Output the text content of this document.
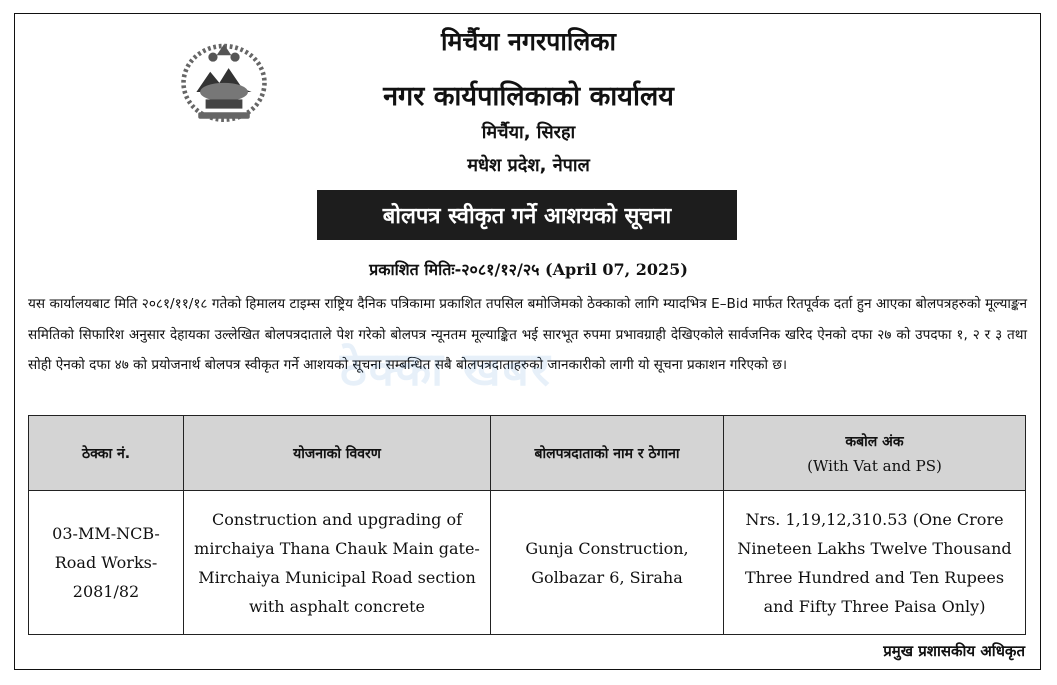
मिर्चैया नगरपालिका
नगर कार्यपालिकाको कार्यालय
मिर्चैया, सिरहा
मधेश प्रदेश, नेपाल
बोलपत्र स्वीकृत गर्ने आशयको सूचना
प्रकाशित मितिः-२०८१/१२/२५ (April 07, 2025)
यस कार्यालयबाट मिति २०८१/११/१८ गतेको हिमालय टाइम्स राष्ट्रिय दैनिक पत्रिकामा प्रकाशित तपसिल बमोजिमको ठेक्काको लागि म्यादभित्र E–Bid मार्फत रितपूर्वक दर्ता हुन आएका बोलपत्रहरुको मूल्याङ्कन समितिको सिफारिश अनुसार देहायका उल्लेखित बोलपत्रदाताले पेश गरेको बोलपत्र न्यूनतम मूल्याङ्कित भई सारभूत रुपमा प्रभावग्राही देखिएकोले सार्वजनिक खरिद ऐनको दफा २७ को उपदफा १, २ र ३ तथा सोही ऐनको दफा ४७ को प्रयोजनार्थ बोलपत्र स्वीकृत गर्ने आशयको सूचना सम्बन्धित सबै बोलपत्रदाताहरुको जानकारीको लागी यो सूचना प्रकाशन गरिएको छ।
ठेक्का खबर
ठेक्का नं.	योजनाको विवरण	बोलपत्रदाताको नाम र ठेगाना	कबोल अंक
(With Vat and PS)

03-MM-NCB-Road Works-2081/82	Construction and upgrading of mirchaiya Thana Chauk Main gate-Mirchaiya Municipal Road section with asphalt concrete	Gunja Construction, Golbazar 6, Siraha	Nrs. 1,19,12,310.53 (One Crore Nineteen Lakhs Twelve Thousand Three Hundred and Ten Rupees and Fifty Three Paisa Only)
प्रमुख प्रशासकीय अधिकृत
